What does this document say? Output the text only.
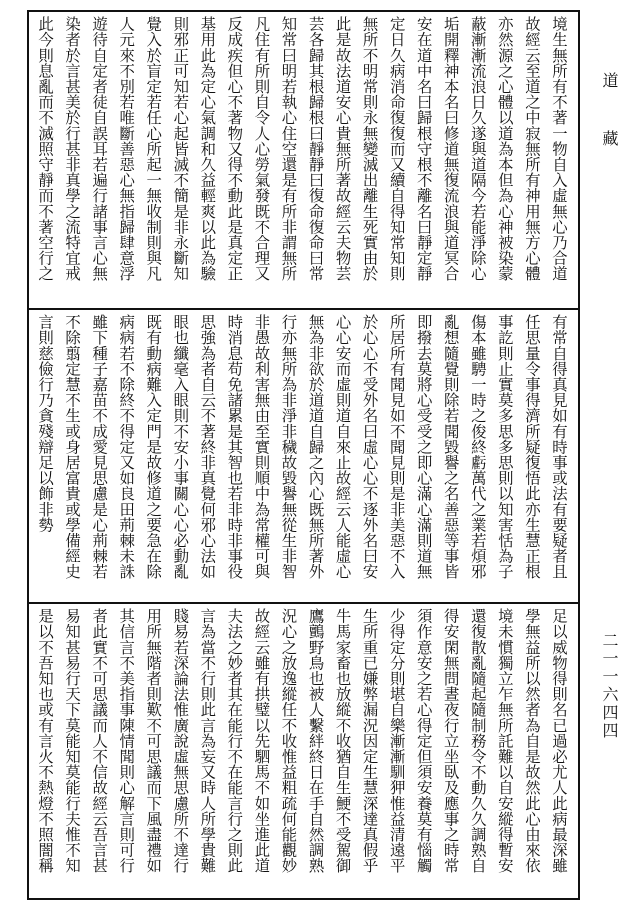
境生無所有不著一物自入虛無心乃合道
故經云至道之中寂無所有神用無方心體
亦然源之心體以道為本但為心神被染蒙
蔽漸漸流浪日久遂與道隔今若能淨除心
垢開釋神本名曰修道無復流浪與道冥合
安在道中名曰歸根守根不離名曰靜定靜
定日久病消命復復而又續自得知常知則
無所不明常則永無變滅出離生死實由於
此是故法道安心貴無所著故經云夫物芸
芸各歸其根歸根曰靜靜曰復命復命曰常
知常曰明若執心住空還是有所非謂無所
凡住有所則自令人心勞氣發既不合理又
反成疾但心不著物又得不動此是真定正
基用此為定心氣調和久益輕爽以此為驗
則邪正可知若心起皆滅不簡是非永斷知
覺入於盲定若任心所起一無收制則與凡
人元來不別若唯斷善惡心無指歸肆意浮
遊待自定者徒自誤耳若遍行諸事言心無
染者於言甚美於行甚非真學之流特宜戒
此今則息亂而不滅照守靜而不著空行之
有常自得真見如有時事或法有要疑者且
任思量令事得濟所疑復悟此亦生慧正根
事訖則止實莫多思多思則以知害恬為子
傷本雖騁一時之俊終虧萬代之業若煩邪
亂想隨覺則除若聞毀譽之名善惡等事皆
即撥去莫將心受受之即心滿心滿則道無
所居所有聞見如不聞見則是非美惡不入
於心心不受外名曰虛心心不逐外名曰安
心心安而虛則道自來止故經云人能虛心
無為非欲於道道自歸之內心既無所著外
行亦無所為非淨非穢故毀譽無從生非智
非愚故利害無由至實則順中為常權可與
時消息苟免諸累是其智也若非時非事役
思強為者自云不著終非真覺何邪心法如
眼也纖毫入眼則不安小事關心心必動亂
既有動病難入定門是故修道之要急在除
病病若不除終不得定又如良田荊棘未誅
雖下種子嘉苗不成愛見思慮是心荊棘若
不除翦定慧不生或身居富貴或學備經史
言則慈儉行乃貪殘辯足以飾非勢
足以威物得則名已過必尤人此病最深雖
學無益所以然者為自是故然此心由來依
境未慣獨立乍無所託難以自安縱得暫安
還復散亂隨起隨制務令不動久久調熟自
得安閑無問晝夜行立坐臥及應事之時常
須作意安之若心得定但須安養莫有惱觸
少得定分則堪自樂漸漸馴狎惟益清遠平
生所重已嫌弊漏況因定生慧深達真假乎
牛馬家畜也放縱不收猶自生鯁不受駕御
鷹鸇野鳥也被人繫絆終日在手自然調熟
況心之放逸縱任不收惟益粗疏何能觀妙
故經云雖有拱璧以先駟馬不如坐進此道
夫法之妙者其在能行不在能言行之則此
言為當不行則此言為妄又時人所學貴難
賤易若深論法惟廣說虛無思慮所不達行
用所無階者則歎不可思議而下風盡禮如
其信言不美指事陳情聞則心解言則可行
者此實不可思議而人不信故經云吾言甚
易知甚易行天下莫能知莫能行夫惟不知
是以不吾知也或有言火不熱燈不照闇稱
道藏
二一一六四四
